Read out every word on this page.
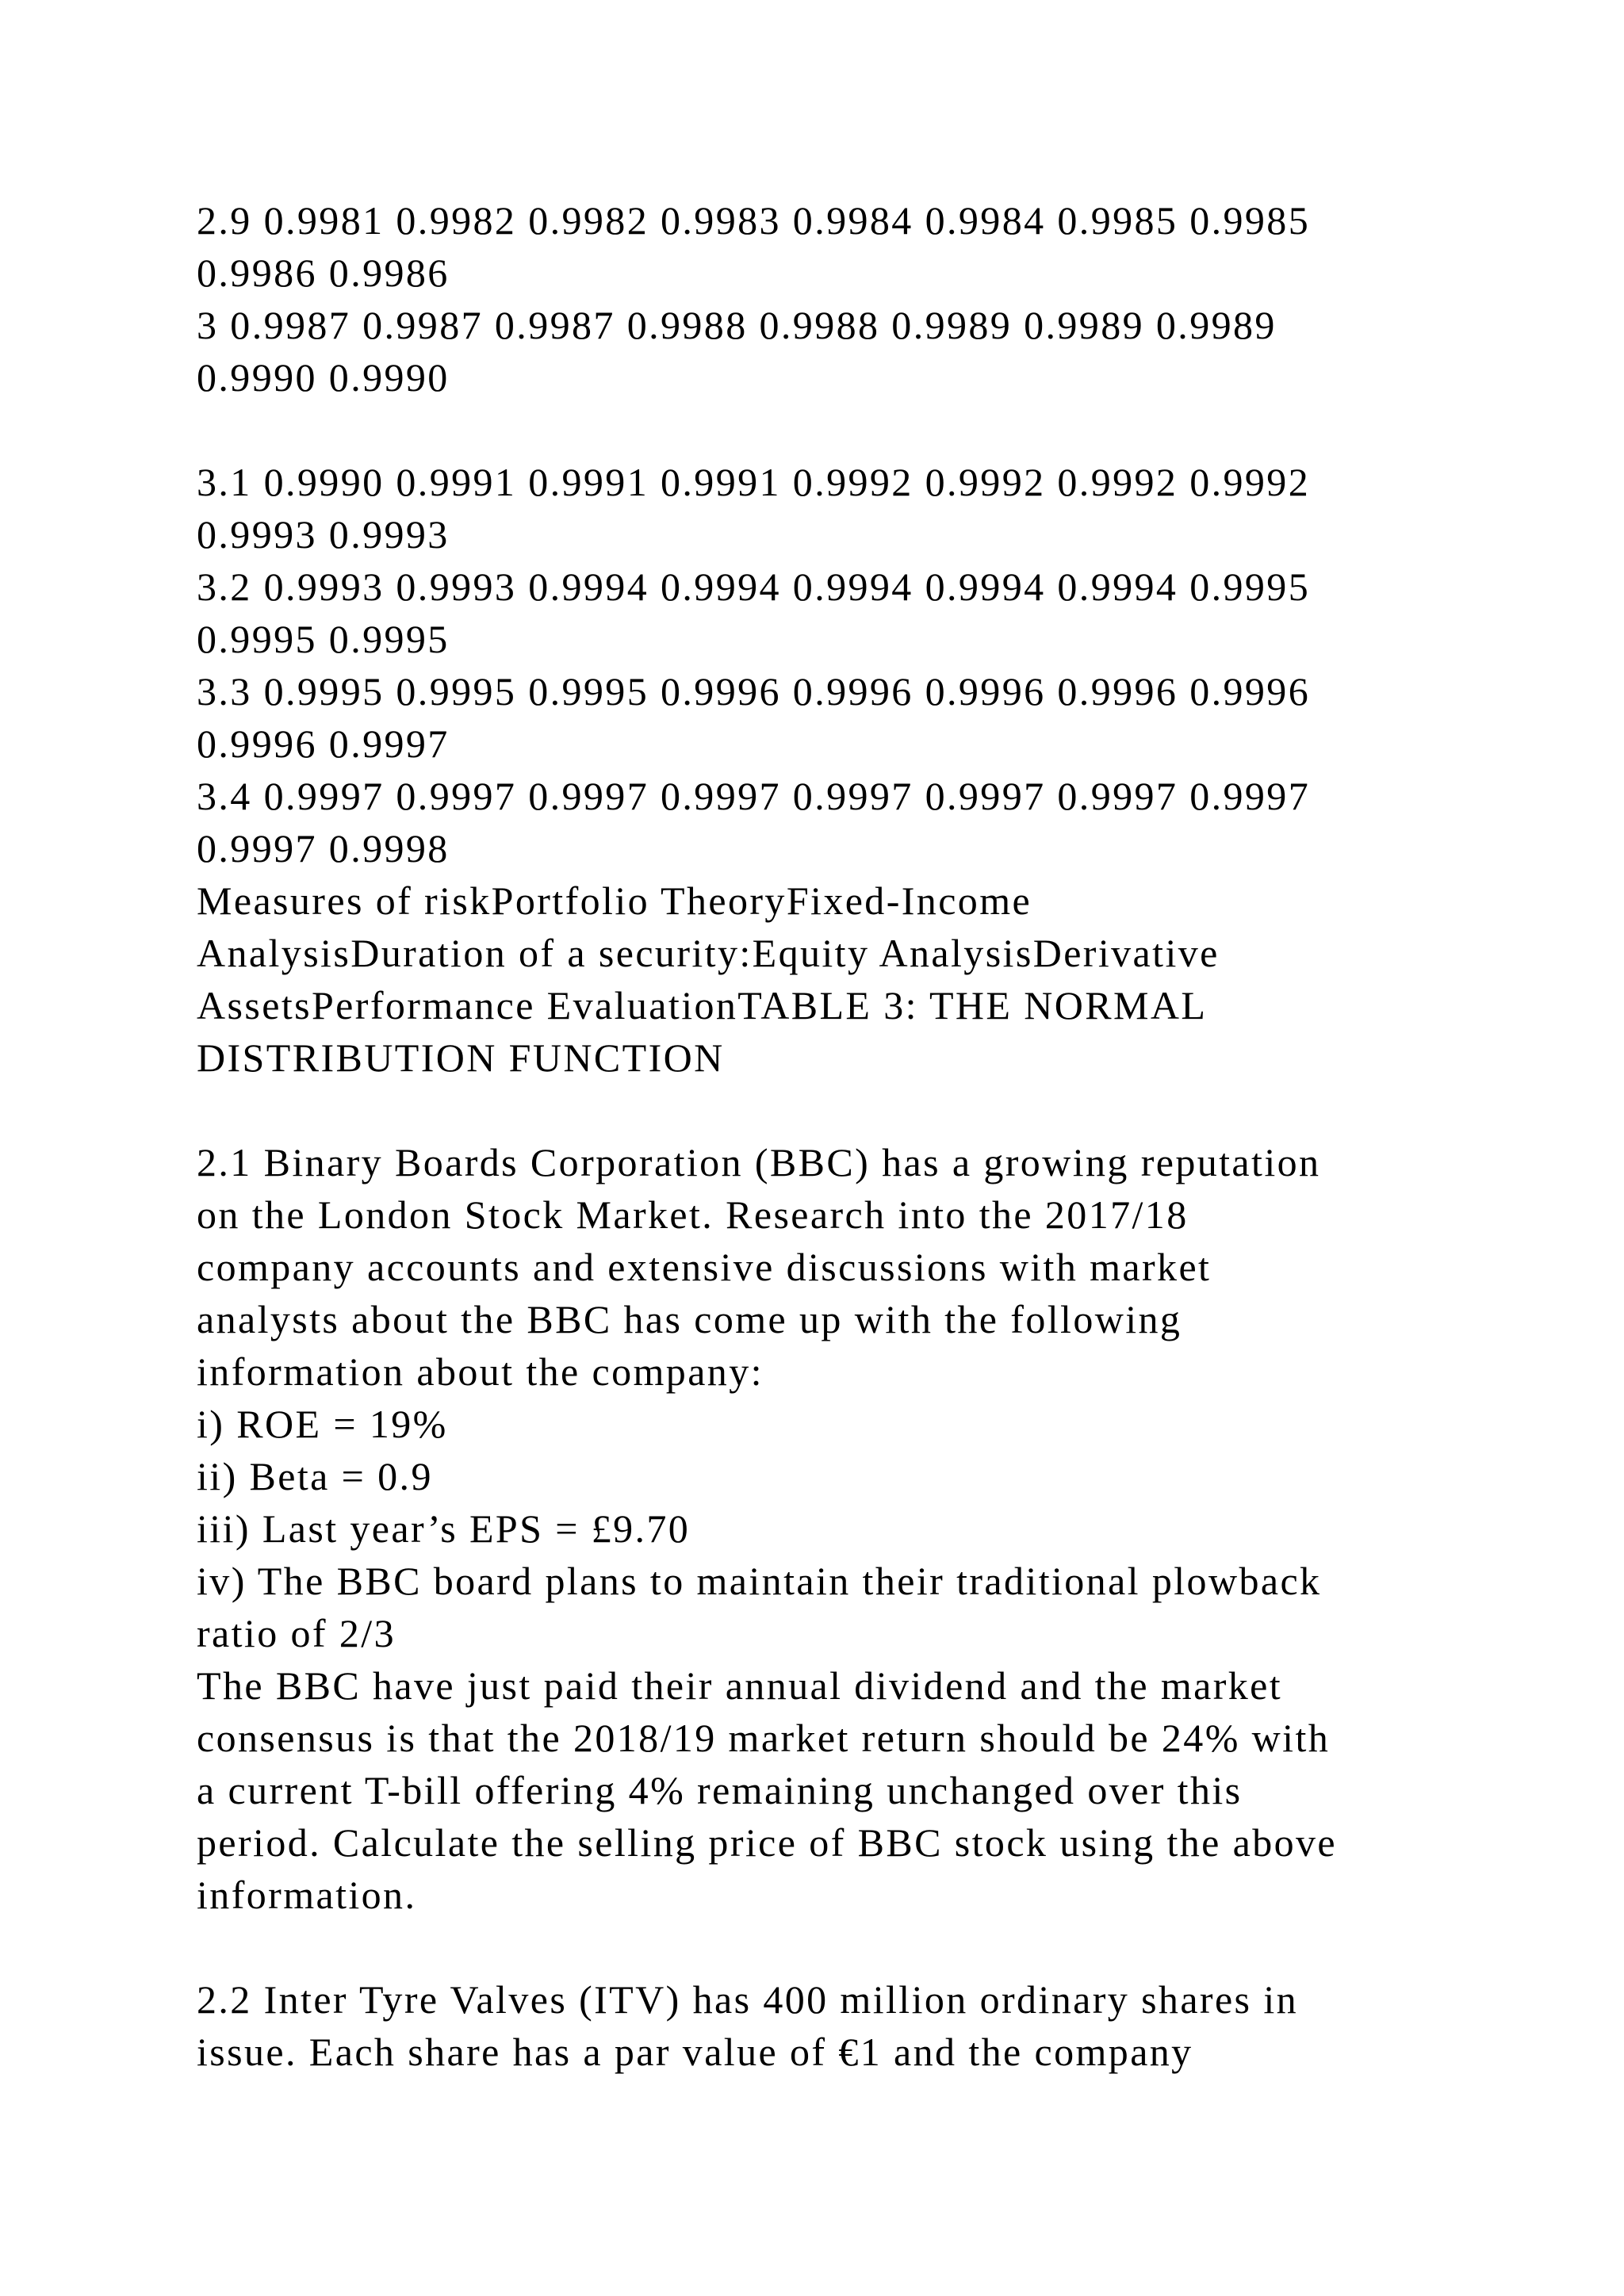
2.9 0.9981 0.9982 0.9982 0.9983 0.9984 0.9984 0.9985 0.9985
0.9986 0.9986
3 0.9987 0.9987 0.9987 0.9988 0.9988 0.9989 0.9989 0.9989
0.9990 0.9990
3.1 0.9990 0.9991 0.9991 0.9991 0.9992 0.9992 0.9992 0.9992
0.9993 0.9993
3.2 0.9993 0.9993 0.9994 0.9994 0.9994 0.9994 0.9994 0.9995
0.9995 0.9995
3.3 0.9995 0.9995 0.9995 0.9996 0.9996 0.9996 0.9996 0.9996
0.9996 0.9997
3.4 0.9997 0.9997 0.9997 0.9997 0.9997 0.9997 0.9997 0.9997
0.9997 0.9998
Measures of riskPortfolio TheoryFixed-Income
AnalysisDuration of a security:Equity AnalysisDerivative
AssetsPerformance EvaluationTABLE 3: THE NORMAL
DISTRIBUTION FUNCTION
2.1 Binary Boards Corporation (BBC) has a growing reputation
on the London Stock Market. Research into the 2017/18
company accounts and extensive discussions with market
analysts about the BBC has come up with the following
information about the company:
i) ROE = 19%
ii) Beta = 0.9
iii) Last year’s EPS = £9.70
iv) The BBC board plans to maintain their traditional plowback
ratio of 2/3
The BBC have just paid their annual dividend and the market
consensus is that the 2018/19 market return should be 24% with
a current T-bill offering 4% remaining unchanged over this
period. Calculate the selling price of BBC stock using the above
information.
2.2 Inter Tyre Valves (ITV) has 400 million ordinary shares in
issue. Each share has a par value of €1 and the company
